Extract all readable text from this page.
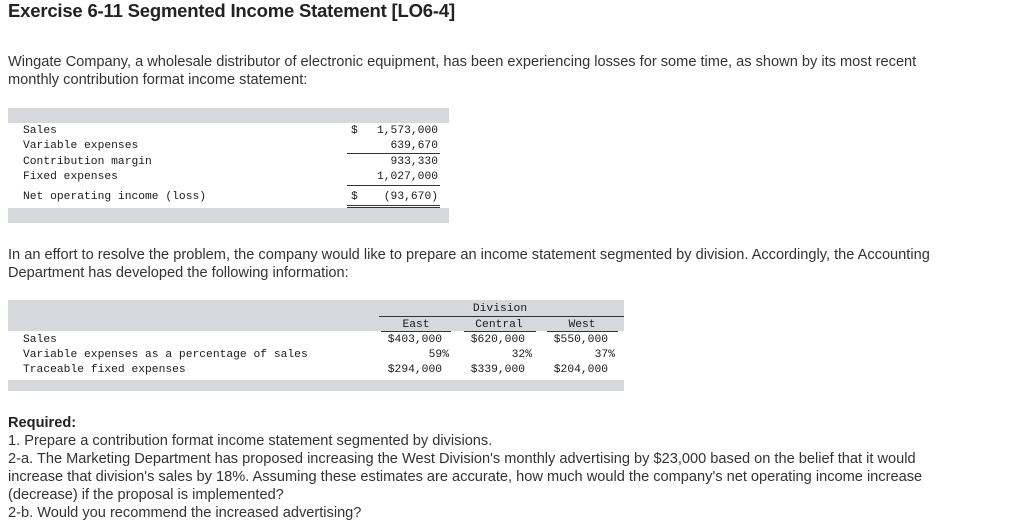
Exercise 6-11 Segmented Income Statement [LO6-4]
Wingate Company, a wholesale distributor of electronic equipment, has been experiencing losses for some time, as shown by its most recent monthly contribution format income statement:
Sales	$	1,573,000
Variable expenses	639,670
Contribution margin	933,330
Fixed expenses	1,027,000
Net operating income (loss)	$	(93,670)
In an effort to resolve the problem, the company would like to prepare an income statement segmented by division. Accordingly, the Accounting Department has developed the following information:
Division
East	Central	West
Sales	$403,000	$620,000	$550,000
Variable expenses as a percentage of sales	59%	32%	37%
Traceable fixed expenses	$294,000	$339,000	$204,000
Required:
1. Prepare a contribution format income statement segmented by divisions.
2-a. The Marketing Department has proposed increasing the West Division's monthly advertising by $23,000 based on the belief that it would increase that division's sales by 18%. Assuming these estimates are accurate, how much would the company's net operating income increase (decrease) if the proposal is implemented?
2-b. Would you recommend the increased advertising?
